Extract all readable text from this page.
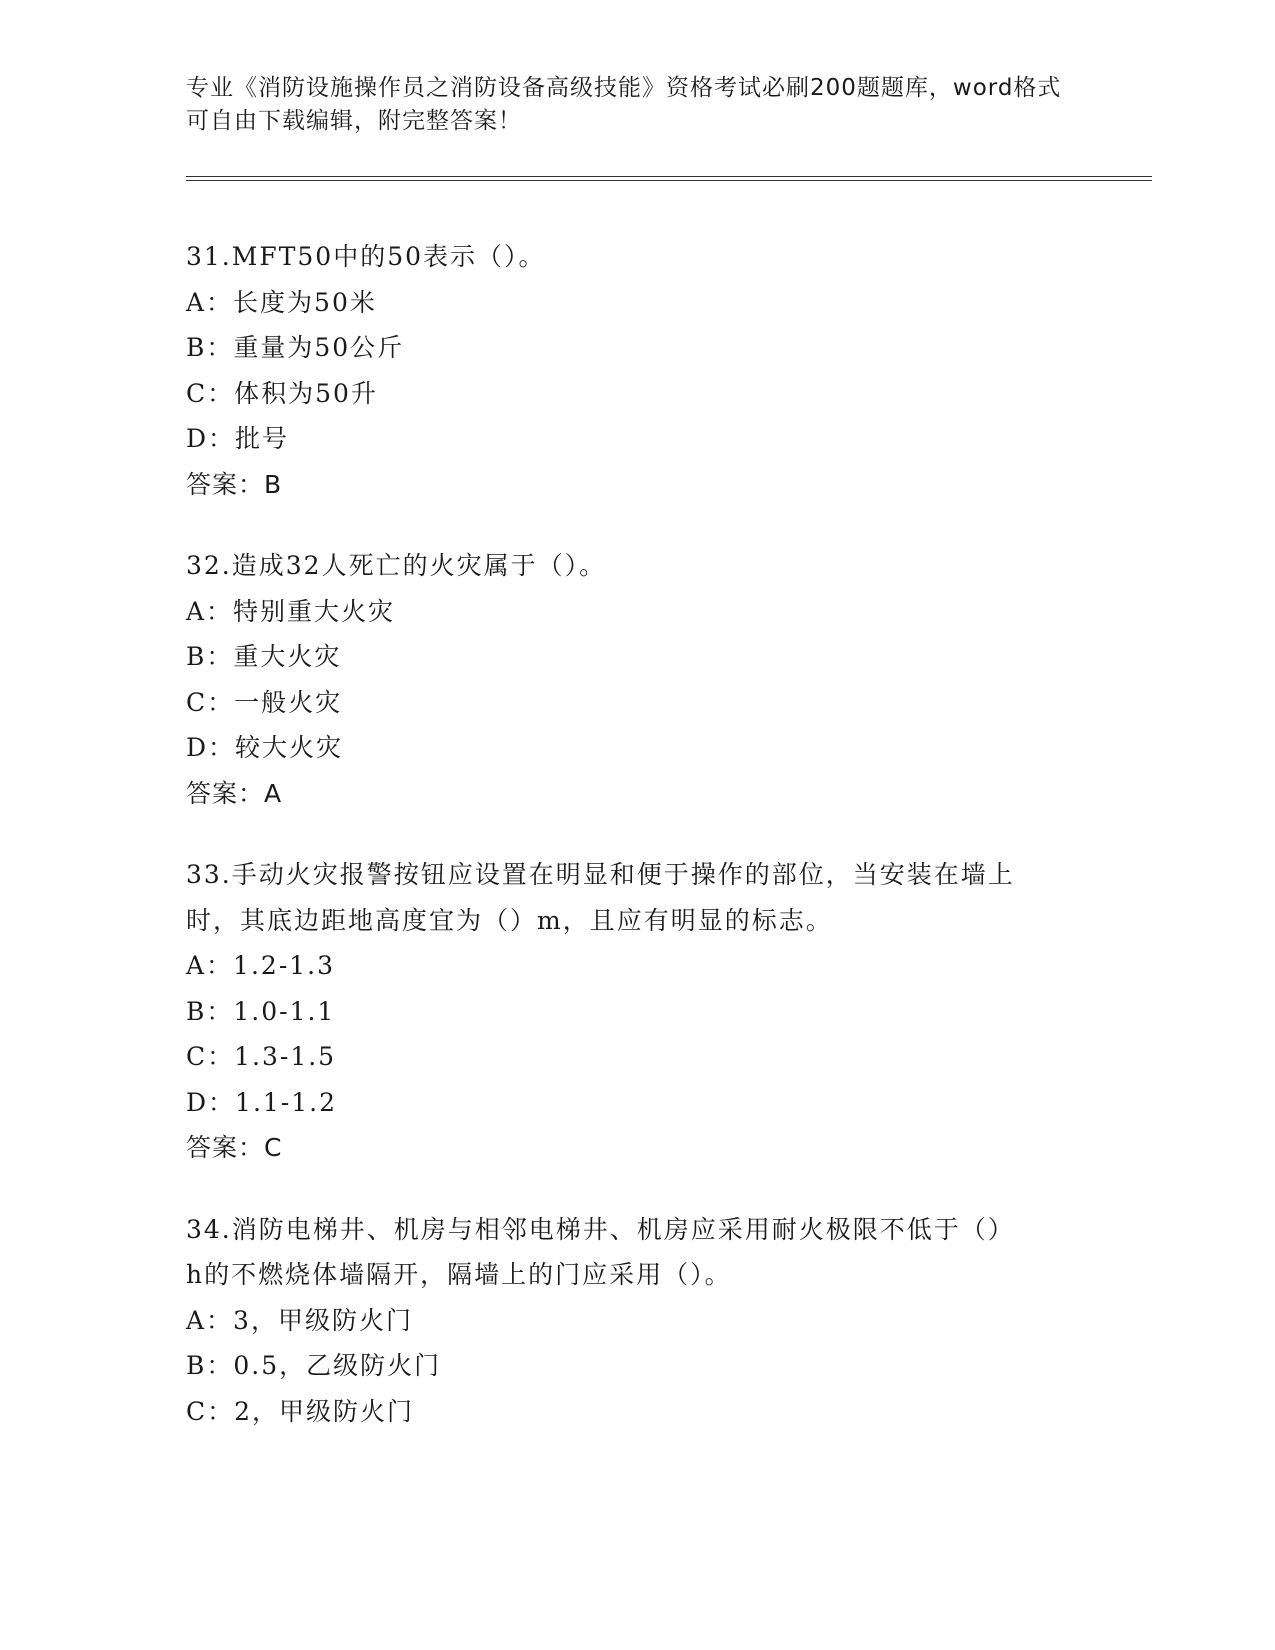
专业《消防设施操作员之消防设备高级技能》资格考试必刷200题题库，word格式可自由下载编辑，附完整答案！
31.MFT50中的50表示（）。
A：长度为50米
B：重量为50公斤
C：体积为50升
D：批号
答案：B
32.造成32人死亡的火灾属于（）。
A：特别重大火灾
B：重大火灾
C：一般火灾
D：较大火灾
答案：A
33.手动火灾报警按钮应设置在明显和便于操作的部位，当安装在墙上
时，其底边距地高度宜为（）m，且应有明显的标志。
A：1.2-1.3
B：1.0-1.1
C：1.3-1.5
D：1.1-1.2
答案：C
34.消防电梯井、机房与相邻电梯井、机房应采用耐火极限不低于（）
h的不燃烧体墙隔开，隔墙上的门应采用（）。
A：3，甲级防火门
B：0.5，乙级防火门
C：2，甲级防火门
